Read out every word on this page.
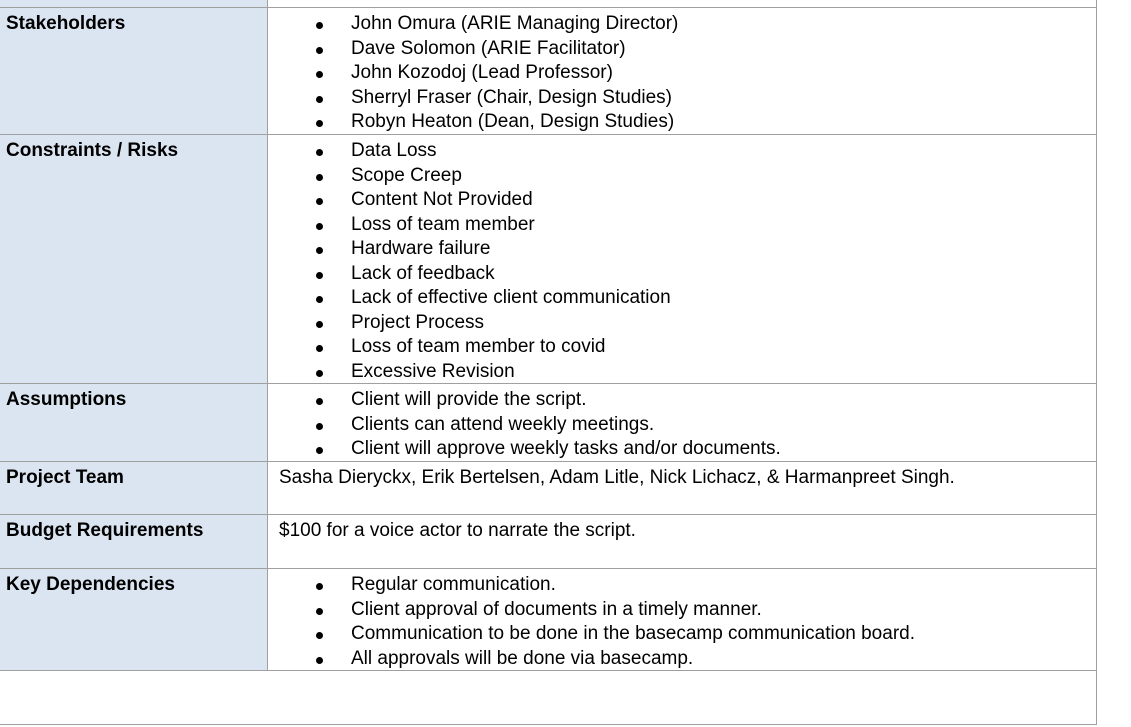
Stakeholders	John Omura (ARIE Managing Director)
Dave Solomon (ARIE Facilitator)
John Kozodoj (Lead Professor)
Sherryl Fraser (Chair, Design Studies)
Robyn Heaton (Dean, Design Studies)
Constraints / Risks	Data Loss
Scope Creep
Content Not Provided
Loss of team member
Hardware failure
Lack of feedback
Lack of effective client communication
Project Process
Loss of team member to covid
Excessive Revision
Assumptions	Client will provide the script.
Clients can attend weekly meetings.
Client will approve weekly tasks and/or documents.
Project Team	Sasha Dieryckx, Erik Bertelsen, Adam Litle, Nick Lichacz, & Harmanpreet Singh.
Budget Requirements	$100 for a voice actor to narrate the script.
Key Dependencies	Regular communication.
Client approval of documents in a timely manner.
Communication to be done in the basecamp communication board.
All approvals will be done via basecamp.
